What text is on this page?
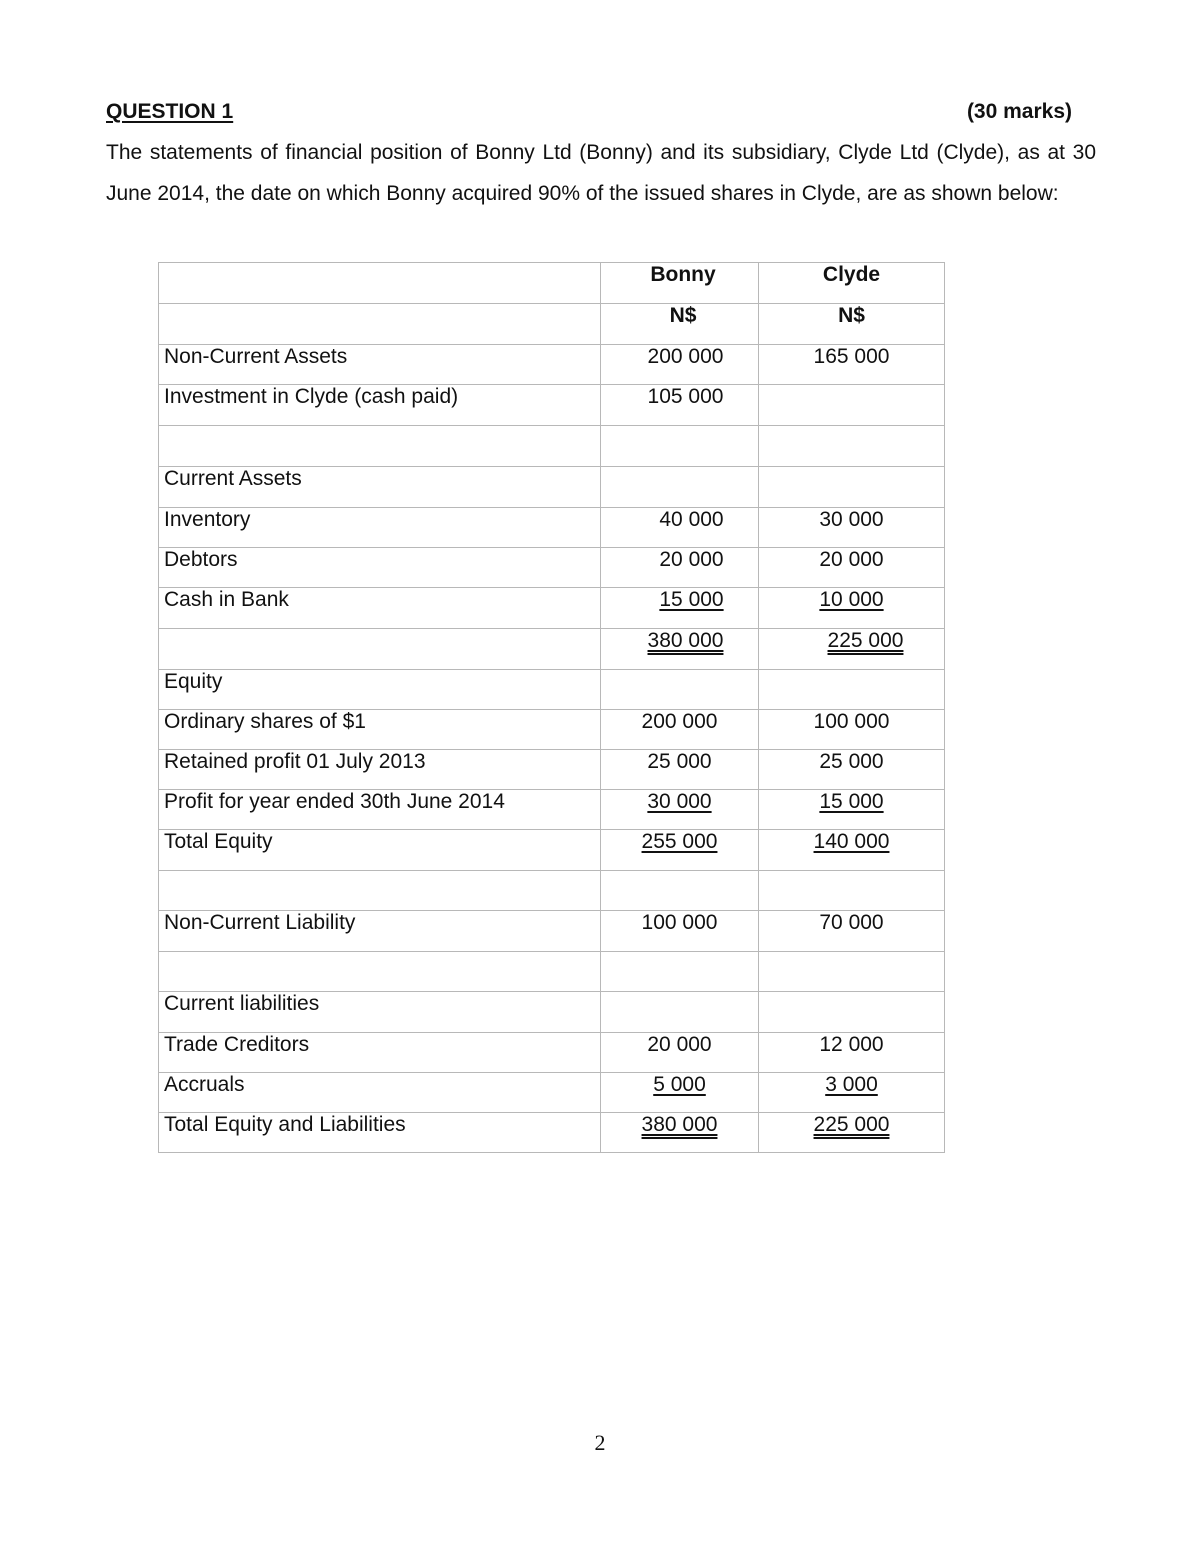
QUESTION 1	(30 marks)
The statements of financial position of Bonny Ltd (Bonny) and its subsidiary, Clyde Ltd (Clyde), as at 30 June 2014, the date on which Bonny acquired 90% of the issued shares in Clyde, are as shown below:
	Bonny	Clyde
	N$	N$
Non-Current Assets	200 000	165 000
Investment in Clyde (cash paid)	105 000	

Current Assets		
Inventory	40 000	30 000
Debtors	20 000	20 000
Cash in Bank	15 000	10 000
	380 000	225 000
Equity		
Ordinary shares of $1	200 000	100 000
Retained profit 01 July 2013	25 000	25 000
Profit for year ended 30th June 2014	30 000	15 000
Total Equity	255 000	140 000

Non-Current Liability	100 000	70 000

Current liabilities		
Trade Creditors	20 000	12 000
Accruals	5 000	3 000
Total Equity and Liabilities	380 000	225 000
2
